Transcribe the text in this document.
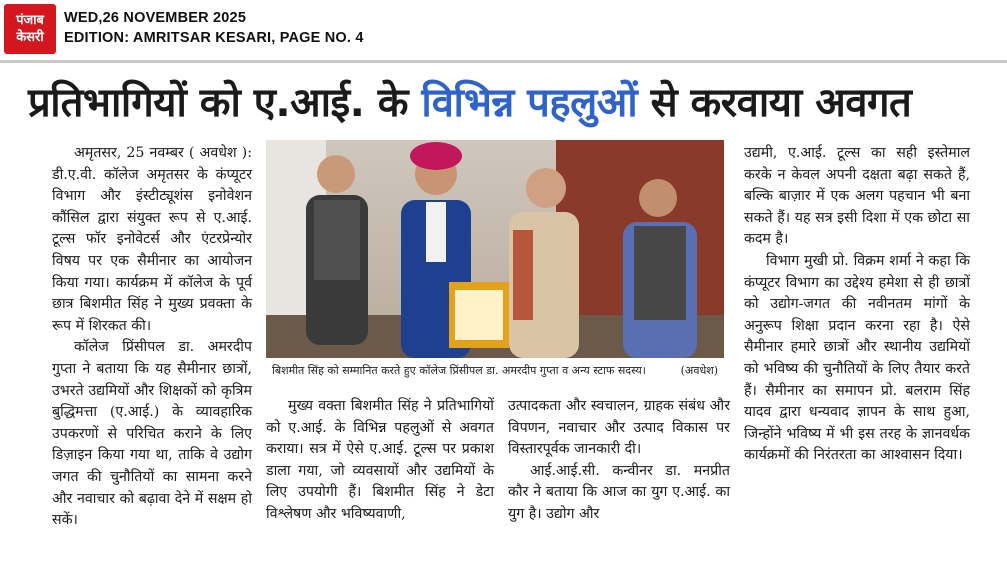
पंजाब
केसरी
WED,26 NOVEMBER 2025
EDITION: AMRITSAR KESARI, PAGE NO. 4
प्रतिभागियों को ए.आई. के विभिन्न पहलुओं से करवाया अवगत

अमृतसर, 25 नवम्बर ( अवधेश ): डी.ए.वी. कॉलेज अमृतसर के कंप्यूटर विभाग और इंस्टीट्यूशंस इनोवेशन कौंसिल द्वारा संयुक्त रूप से ए.आई. टूल्स फॉर इनोवेटर्स और एंटरप्रेन्योर विषय पर एक सैमीनार का आयोजन किया गया। कार्यक्रम में कॉलेज के पूर्व छात्र बिशमीत सिंह ने मुख्य प्रवक्ता के रूप में शिरकत की।

कॉलेज प्रिंसीपल डा. अमरदीप गुप्ता ने बताया कि यह सैमीनार छात्रों, उभरते उद्यमियों और शिक्षकों को कृत्रिम बुद्धिमत्ता (ए.आई.) के व्यावहारिक उपकरणों से परिचित कराने के लिए डिज़ाइन किया गया था, ताकि वे उद्योग जगत की चुनौतियों का सामना करने और नवाचार को बढ़ावा देने में सक्षम हो सकें।

बिशमीत सिंह को सम्मानित करते हुए कॉलेज प्रिंसीपल डा. अमरदीप गुप्ता व अन्य स्टाफ सदस्य।	(अवधेश)

मुख्य वक्ता बिशमीत सिंह ने प्रतिभागियों को ए.आई. के विभिन्न पहलुओं से अवगत कराया। सत्र में ऐसे ए.आई. टूल्स पर प्रकाश डाला गया, जो व्यवसायों और उद्यमियों के लिए उपयोगी हैं। बिशमीत सिंह ने डेटा विश्लेषण और भविष्यवाणी,

उत्पादकता और स्वचालन, ग्राहक संबंध और विपणन, नवाचार और उत्पाद विकास पर विस्तारपूर्वक जानकारी दी।

आई.आई.सी. कन्वीनर डा. मनप्रीत कौर ने बताया कि आज का युग ए.आई. का युग है। उद्योग और

उद्यमी, ए.आई. टूल्स का सही इस्तेमाल करके न केवल अपनी दक्षता बढ़ा सकते हैं, बल्कि बाज़ार में एक अलग पहचान भी बना सकते हैं। यह सत्र इसी दिशा में एक छोटा सा कदम है।

विभाग मुखी प्रो. विक्रम शर्मा ने कहा कि कंप्यूटर विभाग का उद्देश्य हमेशा से ही छात्रों को उद्योग-जगत की नवीनतम मांगों के अनुरूप शिक्षा प्रदान करना रहा है। ऐसे सैमीनार हमारे छात्रों और स्थानीय उद्यमियों को भविष्य की चुनौतियों के लिए तैयार करते हैं। सैमीनार का समापन प्रो. बलराम सिंह यादव द्वारा धन्यवाद ज्ञापन के साथ हुआ, जिन्होंने भविष्य में भी इस तरह के ज्ञानवर्धक कार्यक्रमों की निरंतरता का आश्वासन दिया।
